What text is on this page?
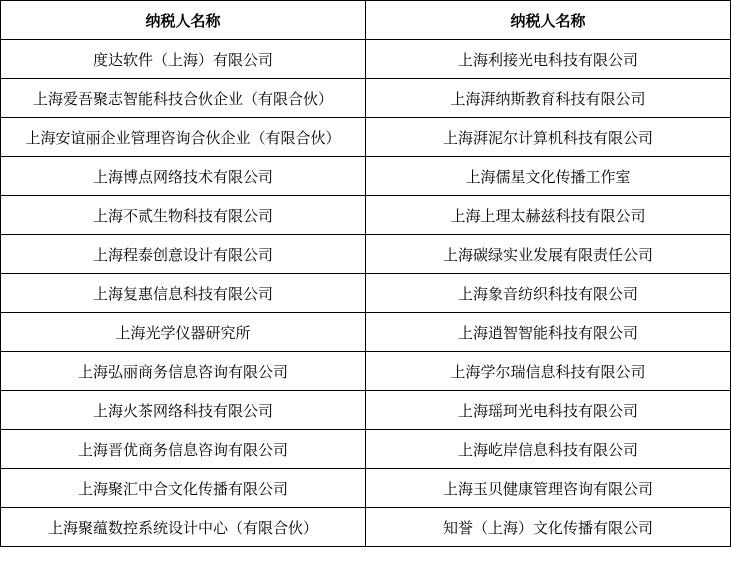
纳税人名称	纳税人名称
度达软件（上海）有限公司	上海利接光电科技有限公司
上海爱吾聚志智能科技合伙企业（有限合伙）	上海湃纳斯教育科技有限公司
上海安谊丽企业管理咨询合伙企业（有限合伙）	上海湃泥尔计算机科技有限公司
上海博点网络技术有限公司	上海儒星文化传播工作室
上海不贰生物科技有限公司	上海上理太赫兹科技有限公司
上海程泰创意设计有限公司	上海碳绿实业发展有限责任公司
上海复惠信息科技有限公司	上海象音纺织科技有限公司
上海光学仪器研究所	上海逍智智能科技有限公司
上海弘丽商务信息咨询有限公司	上海学尔瑞信息科技有限公司
上海火茶网络科技有限公司	上海瑶珂光电科技有限公司
上海晋优商务信息咨询有限公司	上海屹岸信息科技有限公司
上海聚汇中合文化传播有限公司	上海玉贝健康管理咨询有限公司
上海聚蕴数控系统设计中心（有限合伙）	知誉（上海）文化传播有限公司
